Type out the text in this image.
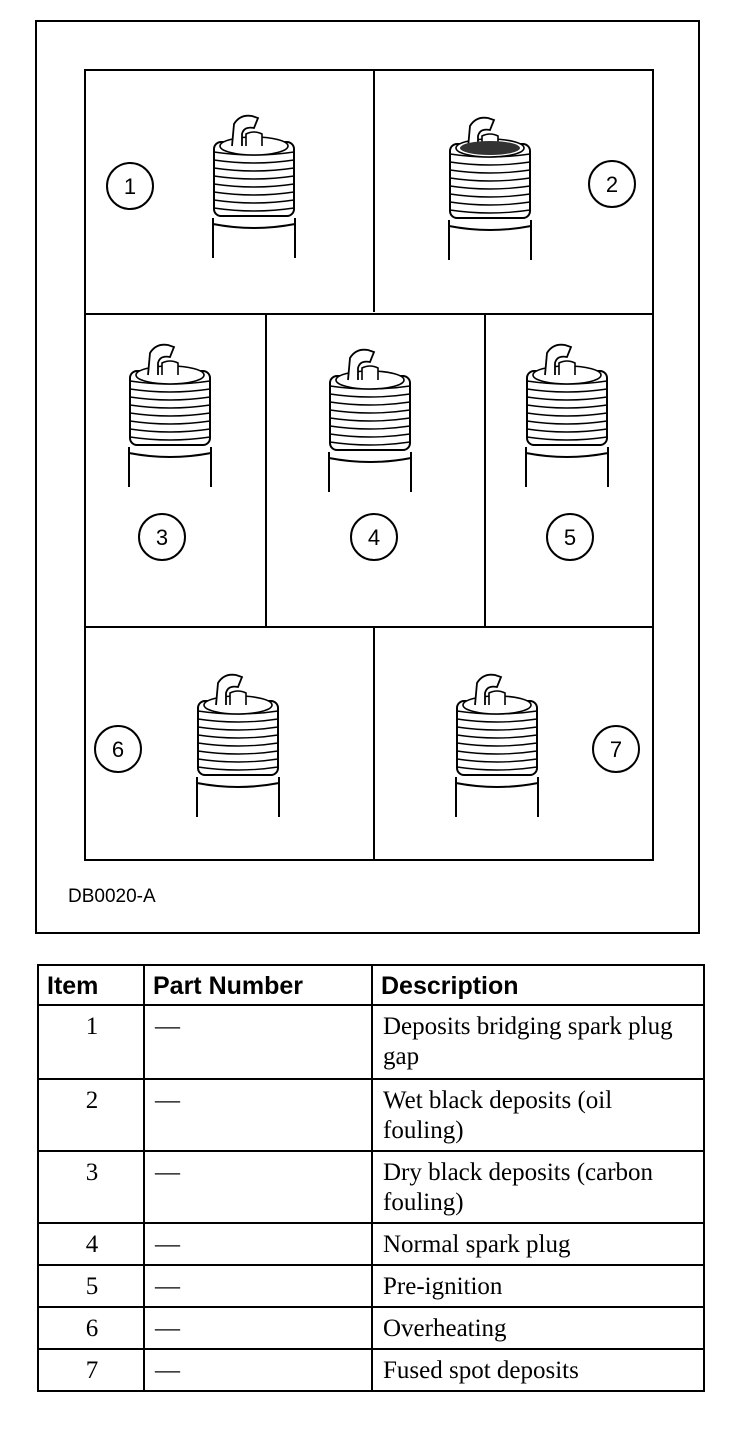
1	2
3	4	5
6	7
DB0020-A
Item	Part Number	Description
1	—	Deposits bridging spark plug gap
2	—	Wet black deposits (oil fouling)
3	—	Dry black deposits (carbon fouling)
4	—	Normal spark plug
5	—	Pre-ignition
6	—	Overheating
7	—	Fused spot deposits
